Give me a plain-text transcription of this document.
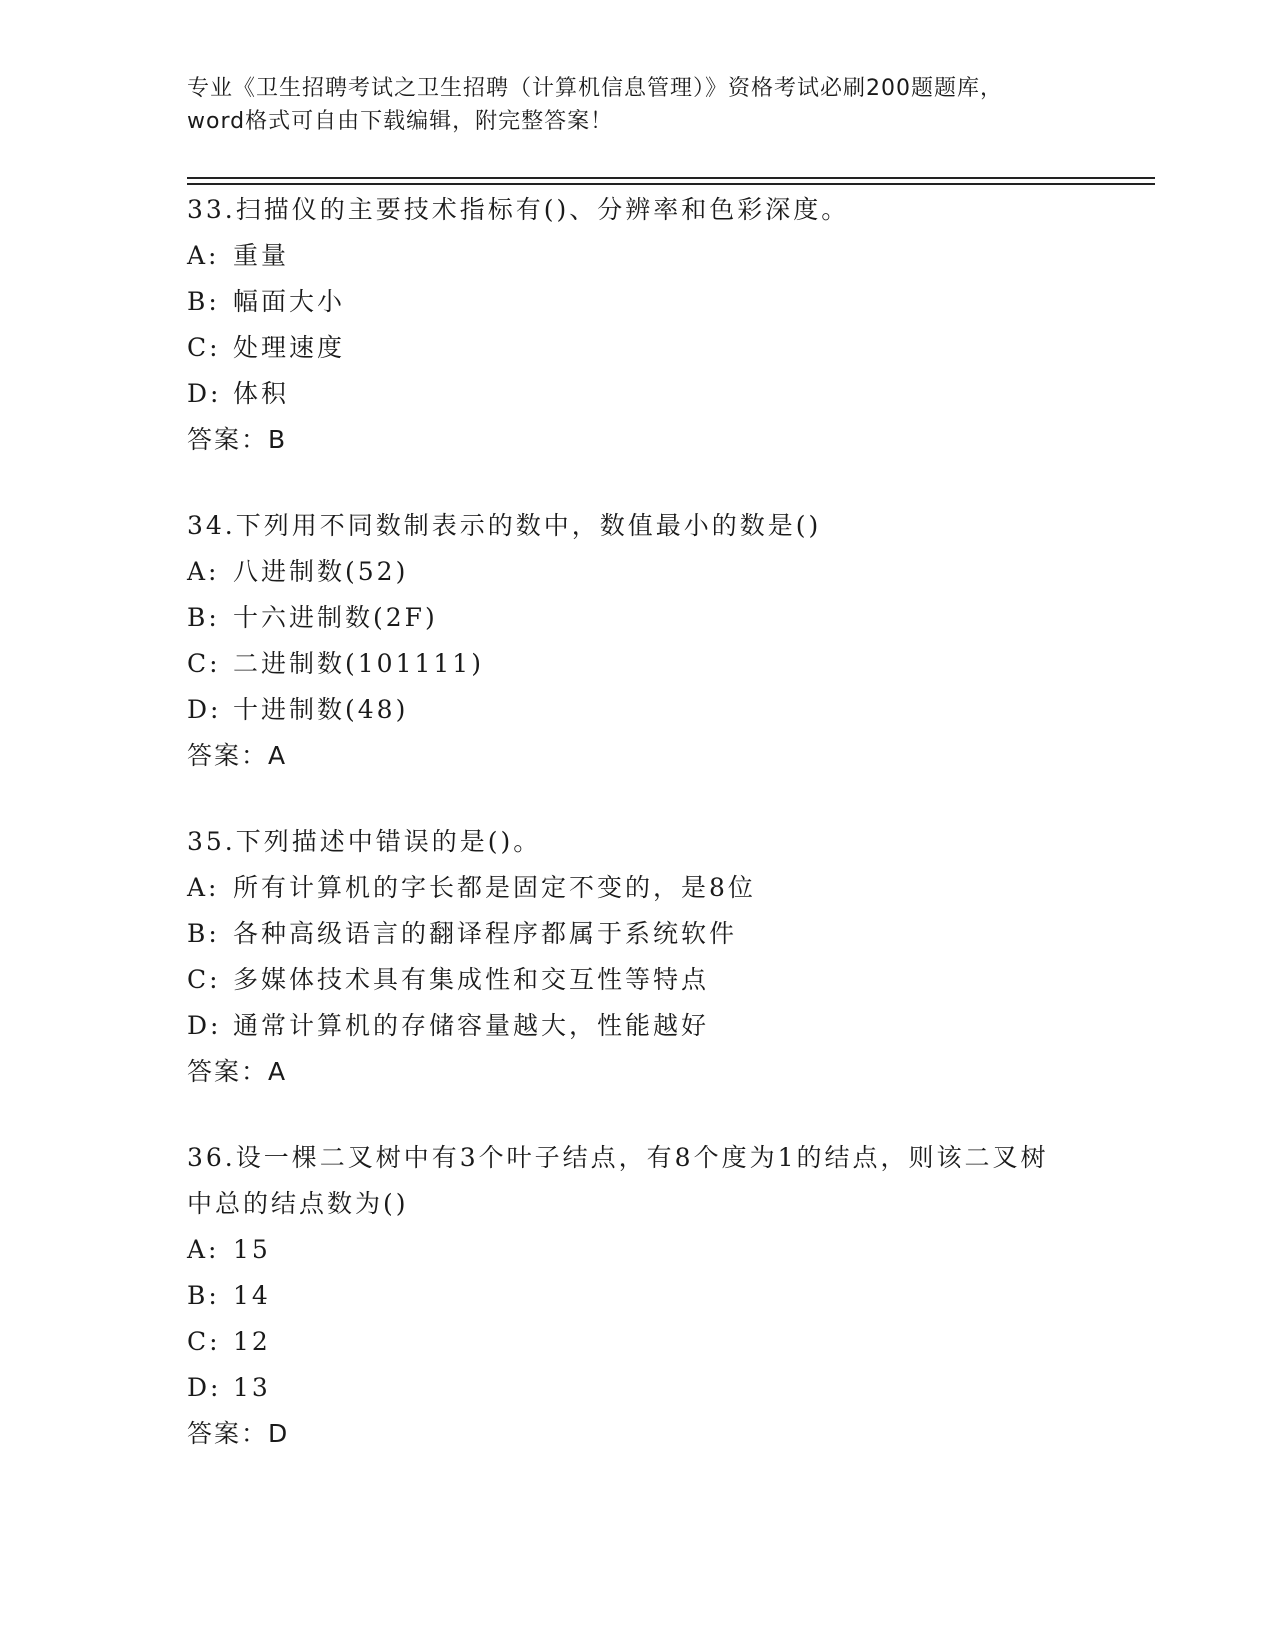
专业《卫生招聘考试之卫生招聘（计算机信息管理）》资格考试必刷200题题库，
word格式可自由下载编辑，附完整答案！
33.扫描仪的主要技术指标有()、分辨率和色彩深度。
A: 重量
B: 幅面大小
C: 处理速度
D: 体积
答案：B
34.下列用不同数制表示的数中，数值最小的数是()
A: 八进制数(52)
B: 十六进制数(2F)
C: 二进制数(101111)
D: 十进制数(48)
答案：A
35.下列描述中错误的是()。
A: 所有计算机的字长都是固定不变的，是8位
B: 各种高级语言的翻译程序都属于系统软件
C: 多媒体技术具有集成性和交互性等特点
D: 通常计算机的存储容量越大，性能越好
答案：A
36.设一棵二叉树中有3个叶子结点，有8个度为1的结点，则该二叉树中总的结点数为()
A: 15
B: 14
C: 12
D: 13
答案：D
